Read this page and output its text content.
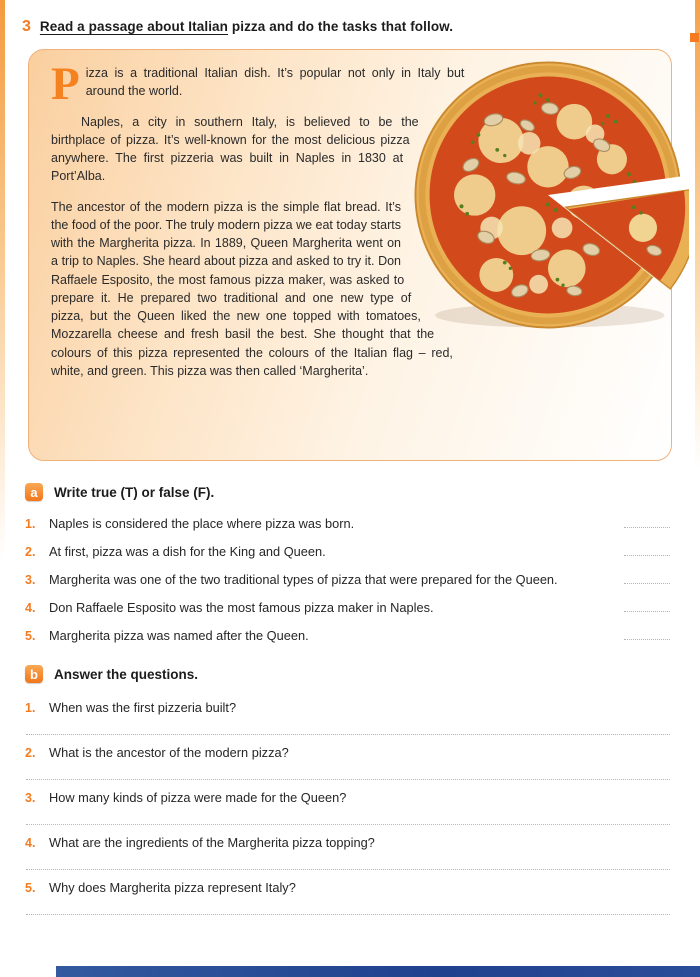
3 Read a passage about Italian pizza and do the tasks that follow.

Pizza is a traditional Italian dish. It’s popular not only in Italy but around the world.

Naples, a city in southern Italy, is believed to be the birthplace of pizza. It’s well-known for the most delicious pizza anywhere. The first pizzeria was built in Naples in 1830 at Port’Alba.

The ancestor of the modern pizza is the simple flat bread. It’s the food of the poor. The truly modern pizza we eat today starts with the Margherita pizza. In 1889, Queen Margherita went on a trip to Naples. She heard about pizza and asked to try it. Don Raffaele Esposito, the most famous pizza maker, was asked to prepare it. He prepared two traditional and one new type of pizza, but the Queen liked the new one topped with tomatoes, Mozzarella cheese and fresh basil the best. She thought that the colours of this pizza represented the colours of the Italian flag – red, white, and green. This pizza was then called ‘Margherita’.

a	Write true (T) or false (F).
1.	Naples is considered the place where pizza was born.
2.	At first, pizza was a dish for the King and Queen.
3.	Margherita was one of the two traditional types of pizza that were prepared for the Queen.
4.	Don Raffaele Esposito was the most famous pizza maker in Naples.
5.	Margherita pizza was named after the Queen.
b	Answer the questions.
1.	When was the first pizzeria built?
2.	What is the ancestor of the modern pizza?
3.	How many kinds of pizza were made for the Queen?
4.	What are the ingredients of the Margherita pizza topping?
5.	Why does Margherita pizza represent Italy?
